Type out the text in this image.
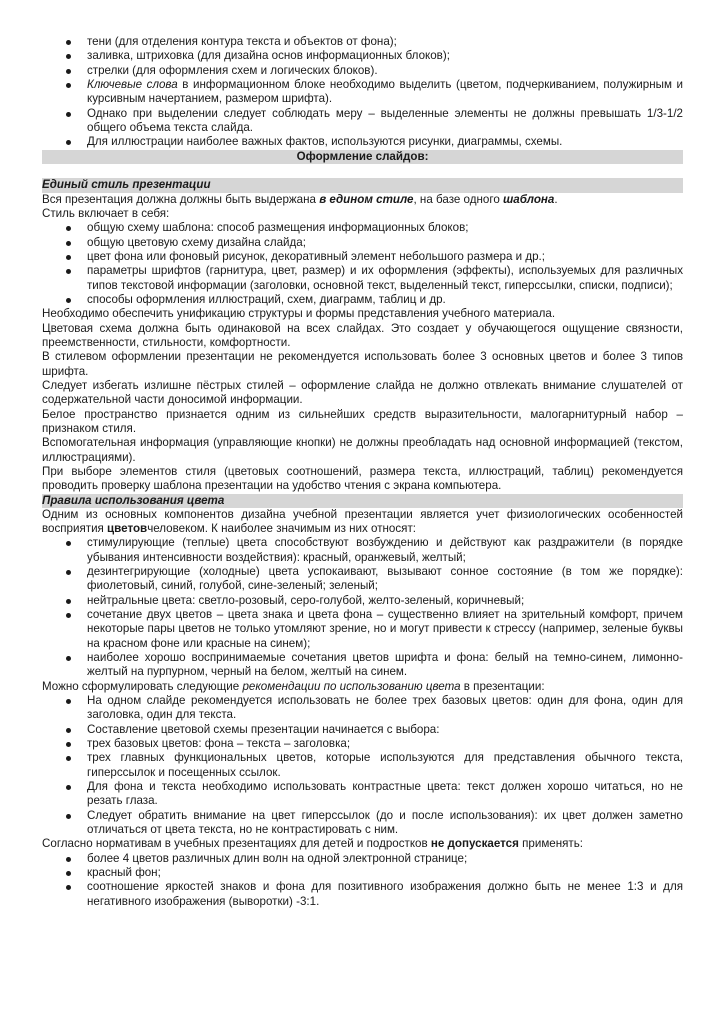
тени (для отделения контура текста и объектов от фона);
заливка, штриховка (для дизайна основ информационных блоков);
стрелки (для оформления схем и логических блоков).
Ключевые слова в информационном блоке необходимо выделить (цветом, подчеркиванием, полужирным и курсивным начертанием, размером шрифта).
Однако при выделении следует соблюдать меру – выделенные элементы не должны превышать 1/3-1/2 общего объема текста слайда.
Для иллюстрации наиболее важных фактов, используются рисунки, диаграммы, схемы.
Оформление слайдов:
Единый стиль презентации

Вся презентация должна должны быть выдержана в едином стиле, на базе одного шаблона.

Стиль включает в себя:

общую схему шаблона: способ размещения информационных блоков;
общую цветовую схему дизайна слайда;
цвет фона или фоновый рисунок, декоративный элемент небольшого размера и др.;
параметры шрифтов (гарнитура, цвет, размер) и их оформления (эффекты), используемых для различных типов текстовой информации (заголовки, основной текст, выделенный текст, гиперссылки, списки, подписи);
способы оформления иллюстраций, схем, диаграмм, таблиц и др.

Необходимо обеспечить унификацию структуры и формы представления учебного материала.

Цветовая схема должна быть одинаковой на всех слайдах. Это создает у обучающегося ощущение связности, преемственности, стильности, комфортности.

В стилевом оформлении презентации не рекомендуется использовать более 3 основных цветов и более 3 типов шрифта.

Следует избегать излишне пёстрых стилей – оформление слайда не должно отвлекать внимание слушателей от содержательной части доносимой информации.

Белое пространство признается одним из сильнейших средств выразительности, малогарнитурный набор – признаком стиля.

Вспомогательная информация (управляющие кнопки) не должны преобладать над основной информацией (текстом, иллюстрациями).

При выборе элементов стиля (цветовых соотношений, размера текста, иллюстраций, таблиц) рекомендуется проводить проверку шаблона презентации на удобство чтения с экрана компьютера.

Правила использования цвета

Одним из основных компонентов дизайна учебной презентации является учет физиологических особенностей восприятия цветовчеловеком. К наиболее значимым из них относят:

стимулирующие (теплые) цвета способствуют возбуждению и действуют как раздражители (в порядке убывания интенсивности воздействия): красный, оранжевый, желтый;
дезинтегрирующие (холодные) цвета успокаивают, вызывают сонное состояние (в том же порядке): фиолетовый, синий, голубой, сине-зеленый; зеленый;
нейтральные цвета: светло-розовый, серо-голубой, желто-зеленый, коричневый;
сочетание двух цветов – цвета знака и цвета фона – существенно влияет на зрительный комфорт, причем некоторые пары цветов не только утомляют зрение, но и могут привести к стрессу (например, зеленые буквы на красном фоне или красные на синем);
наиболее хорошо воспринимаемые сочетания цветов шрифта и фона: белый на темно-синем, лимонно-желтый на пурпурном, черный на белом, желтый на синем.

Можно сформулировать следующие рекомендации по использованию цвета в презентации:

На одном слайде рекомендуется использовать не более трех базовых цветов: один для фона, один для заголовка, один для текста.
Составление цветовой схемы презентации начинается с выбора:
трех базовых цветов: фона – текста – заголовка;
трех главных функциональных цветов, которые используются для представления обычного текста, гиперссылок и посещенных ссылок.
Для фона и текста необходимо использовать контрастные цвета: текст должен хорошо читаться, но не резать глаза.
Следует обратить внимание на цвет гиперссылок (до и после использования): их цвет должен заметно отличаться от цвета текста, но не контрастировать с ним.

Согласно нормативам в учебных презентациях для детей и подростков не допускается применять:

более 4 цветов различных длин волн на одной электронной странице;
красный фон;
соотношение яркостей знаков и фона для позитивного изображения должно быть не менее 1:3 и для негативного изображения (выворотки) -3:1.
